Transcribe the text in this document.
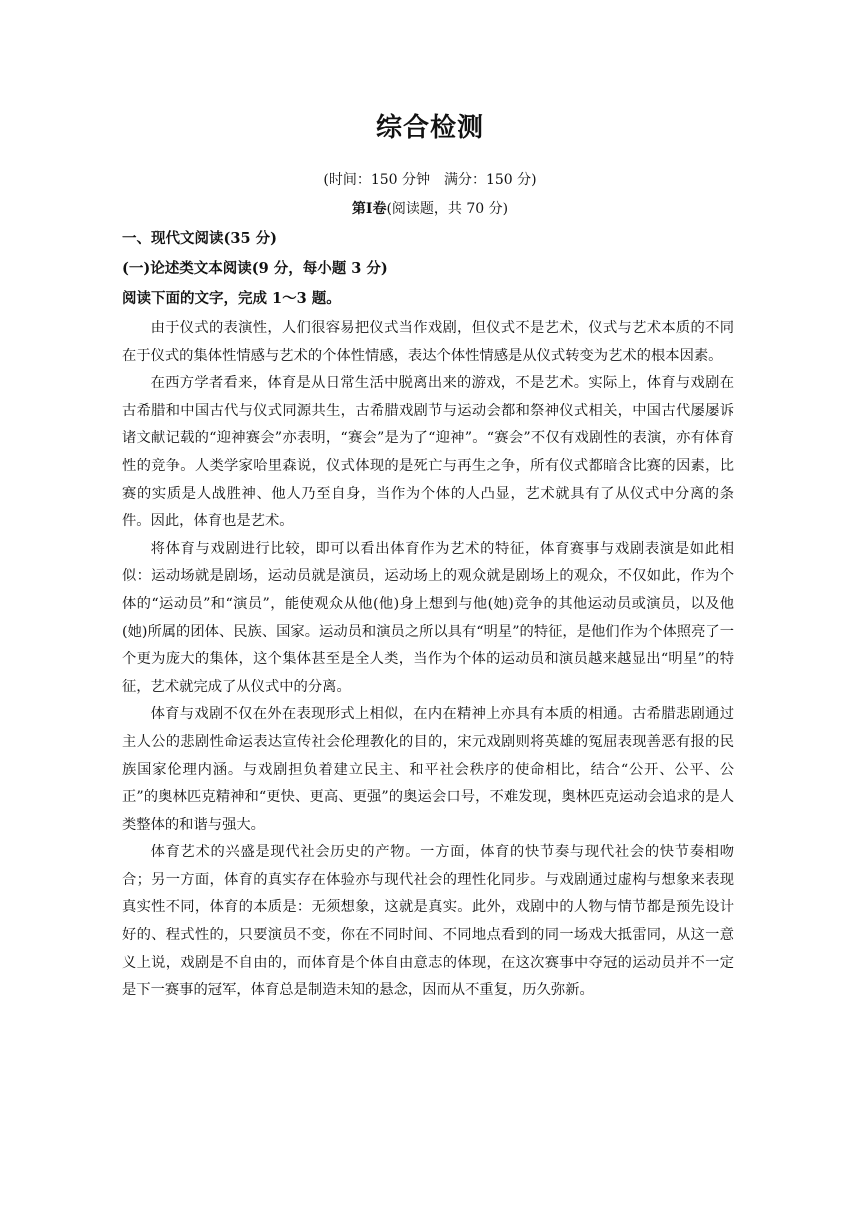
综合检测
(时间：150 分钟　满分：150 分)
第Ⅰ卷(阅读题，共 70 分)
一、现代文阅读(35 分)
(一)论述类文本阅读(9 分，每小题 3 分)
阅读下面的文字，完成 1～3 题。

由于仪式的表演性，人们很容易把仪式当作戏剧，但仪式不是艺术，仪式与艺术本质的不同在于仪式的集体性情感与艺术的个体性情感，表达个体性情感是从仪式转变为艺术的根本因素。

在西方学者看来，体育是从日常生活中脱离出来的游戏，不是艺术。实际上，体育与戏剧在古希腊和中国古代与仪式同源共生，古希腊戏剧节与运动会都和祭神仪式相关，中国古代屡屡诉诸文献记载的“迎神赛会”亦表明，“赛会”是为了“迎神”。“赛会”不仅有戏剧性的表演，亦有体育性的竞争。人类学家哈里森说，仪式体现的是死亡与再生之争，所有仪式都暗含比赛的因素，比赛的实质是人战胜神、他人乃至自身，当作为个体的人凸显，艺术就具有了从仪式中分离的条件。因此，体育也是艺术。

将体育与戏剧进行比较，即可以看出体育作为艺术的特征，体育赛事与戏剧表演是如此相似：运动场就是剧场，运动员就是演员，运动场上的观众就是剧场上的观众，不仅如此，作为个体的“运动员”和“演员”，能使观众从他(他)身上想到与他(她)竞争的其他运动员或演员，以及他(她)所属的团体、民族、国家。运动员和演员之所以具有“明星”的特征，是他们作为个体照亮了一个更为庞大的集体，这个集体甚至是全人类，当作为个体的运动员和演员越来越显出“明星”的特征，艺术就完成了从仪式中的分离。

体育与戏剧不仅在外在表现形式上相似，在内在精神上亦具有本质的相通。古希腊悲剧通过主人公的悲剧性命运表达宣传社会伦理教化的目的，宋元戏剧则将英雄的冤屈表现善恶有报的民族国家伦理内涵。与戏剧担负着建立民主、和平社会秩序的使命相比，结合“公开、公平、公正”的奥林匹克精神和“更快、更高、更强”的奥运会口号，不难发现，奥林匹克运动会追求的是人类整体的和谐与强大。

体育艺术的兴盛是现代社会历史的产物。一方面，体育的快节奏与现代社会的快节奏相吻合；另一方面，体育的真实存在体验亦与现代社会的理性化同步。与戏剧通过虚构与想象来表现真实性不同，体育的本质是：无须想象，这就是真实。此外，戏剧中的人物与情节都是预先设计好的、程式性的，只要演员不变，你在不同时间、不同地点看到的同一场戏大抵雷同，从这一意义上说，戏剧是不自由的，而体育是个体自由意志的体现，在这次赛事中夺冠的运动员并不一定是下一赛事的冠军，体育总是制造未知的悬念，因而从不重复，历久弥新。
